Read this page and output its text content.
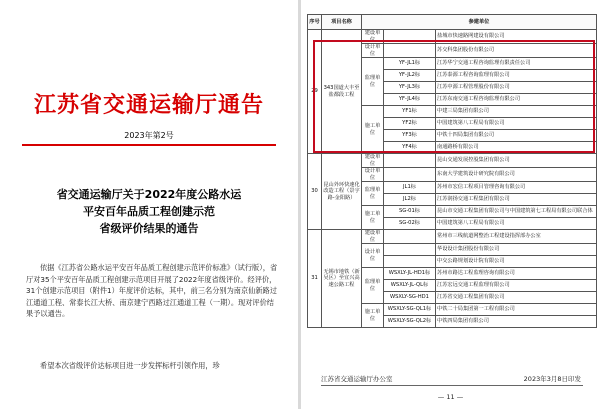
江苏省交通运输厅通告
2023年第2号
省交通运输厅关于2022年度公路水运
平安百年品质工程创建示范
省级评价结果的通告
依据《江苏省公路水运平安百年品质工程创建示范评价标准》（试行版），省厅对35个平安百年品质工程创建示范项目开展了2022年度省级评价。经评价，31个创建示范项目（附件1）年度评价达标，其中，前三名分别为南京仙新路过江通道工程、常泰长江大桥、南京建宁西路过江通道工程（一期）。现对评价结果予以通告。
希望本次省级评价达标项目进一步发挥标杆引领作用，珍
序号	项目名称	参建单位		
29	343国道大丰至盐都段工程	建设单位		盐城市快速路网建设有限公司
		设计单位		苏交科集团股份有限公司
		监理单位	YF-JL1标	江苏华宁交通工程咨询监理有限责任公司
			YF-JL2标	江苏泰源工程咨询监理有限公司
			YF-JL3标	江苏中源工程管理股份有限公司
			YF-JL4标	江苏东南交通工程咨询监理有限公司
		施工单位	YF1标	中建三局集团有限公司
			YF2标	中国建筑第八工程局有限公司
			YF3标	中铁十四局集团有限公司
			YF4标	南通路桥有限公司
30	昆山外环快速化改造工程（景宇路-金阳路）	建设单位		昆山交通发展控股集团有限公司
		设计单位		东南大学建筑设计研究院有限公司
		监理单位	JL1标	苏州市宏信工程项目管理咨询有限公司
			JL2标	江苏润扬交通工程集团有限公司
		施工单位	SG-01标	昆山市交通工程集团有限公司与中国建筑第七工程局有限公司联合体
			SG-02标	中国建筑第八工程局有限公司
31	无锡市地铁（新吴区）至宜兴高速公路工程	建设单位		常州市三线航道网整治工程建设指挥部办公室
		设计单位		华设设计集团股份有限公司
				中交公路规划设计院有限公司
		监理单位	WSXLY-JL-HD1标	苏州市路达工程监理咨询有限公司
			WSXLY-JL-QL标	江苏宏远交通工程监理有限公司
			WSXLY-SG-HD1	江苏省交通工程集团有限公司
		施工单位	WSXLY-SG-QL1标	中铁二十局集团第一工程有限公司
			WSXLY-SG-QL2标	中铁四局集团有限公司
江苏省交通运输厅办公室	2023年3月8日印发
— 11 —
